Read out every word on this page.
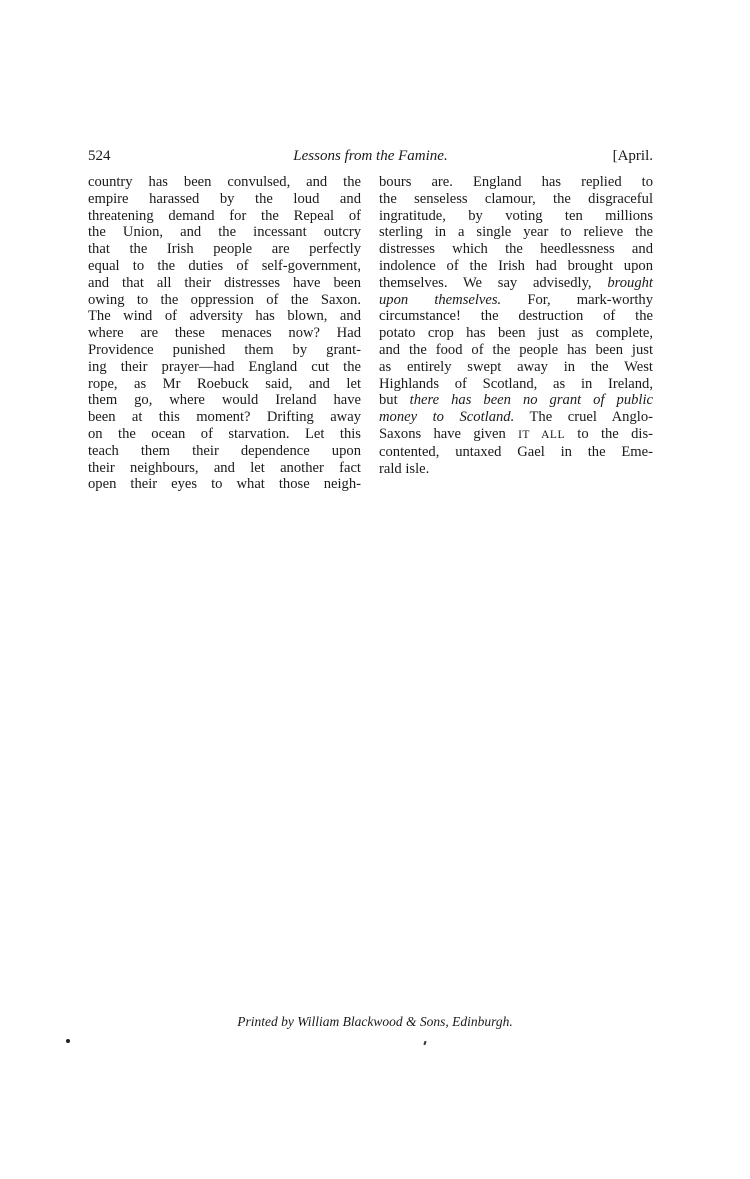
524	Lessons from the Famine.	[April.
country has been convulsed, and the
empire harassed by the loud and
threatening demand for the Repeal of
the Union, and the incessant outcry
that the Irish people are perfectly
equal to the duties of self-government,
and that all their distresses have been
owing to the oppression of the Saxon.
The wind of adversity has blown, and
where are these menaces now? Had
Providence punished them by grant-
ing their prayer—had England cut the
rope, as Mr Roebuck said, and let
them go, where would Ireland have
been at this moment? Drifting away
on the ocean of starvation. Let this
teach them their dependence upon
their neighbours, and let another fact
open their eyes to what those neigh-
bours are. England has replied to
the senseless clamour, the disgraceful
ingratitude, by voting ten millions
sterling in a single year to relieve the
distresses which the heedlessness and
indolence of the Irish had brought upon
themselves. We say advisedly, brought
upon themselves. For, mark-worthy
circumstance! the destruction of the
potato crop has been just as complete,
and the food of the people has been just
as entirely swept away in the West
Highlands of Scotland, as in Ireland,
but there has been no grant of public
money to Scotland. The cruel Anglo-
Saxons have given IT ALL to the dis-
contented, untaxed Gael in the Eme-
rald isle.
Printed by William Blackwood & Sons, Edinburgh.
